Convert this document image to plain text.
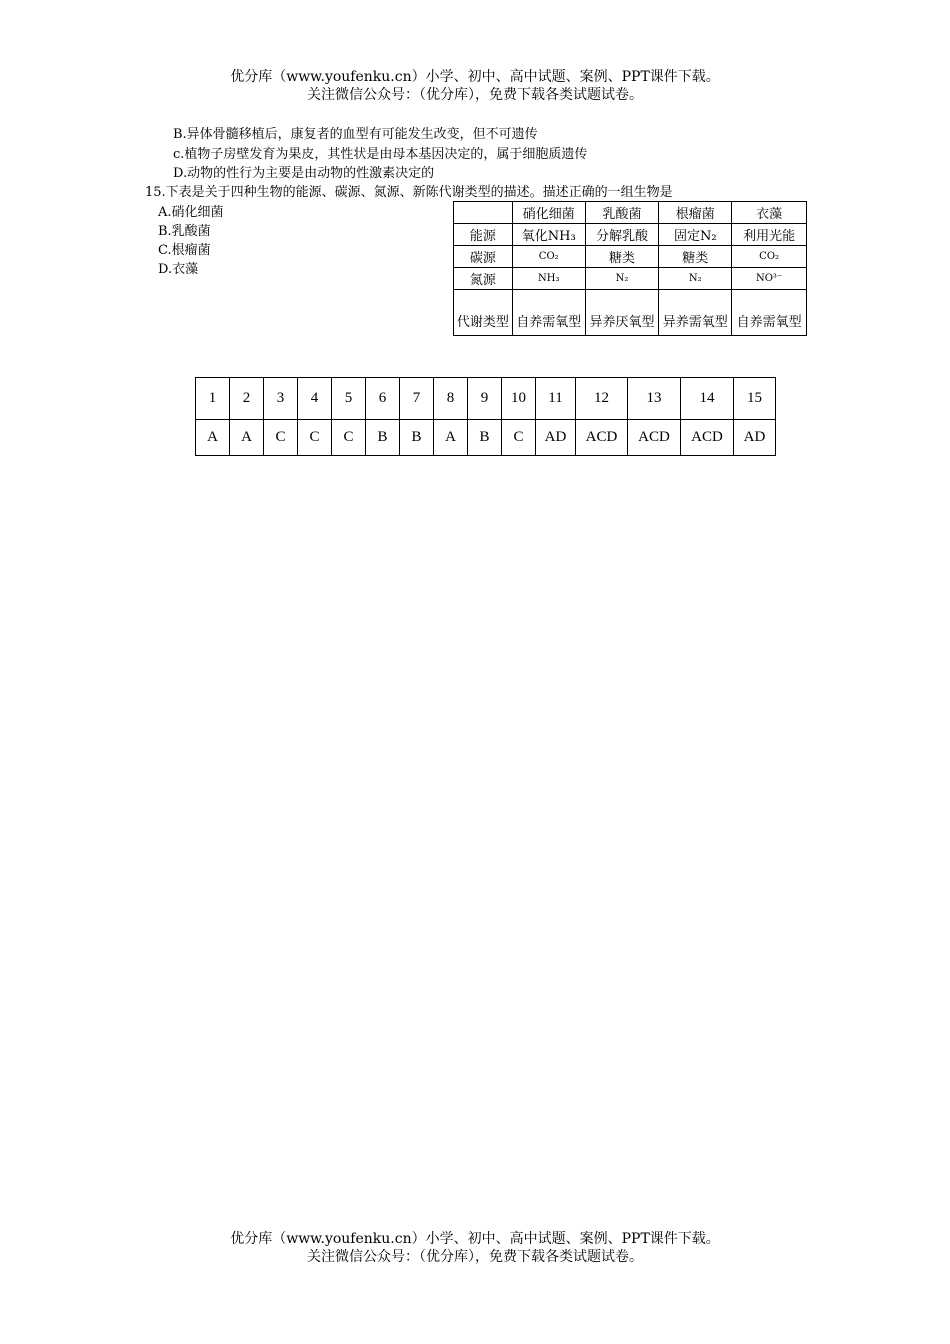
优分库（www.youfenku.cn）小学、初中、高中试题、案例、PPT课件下载。
关注微信公众号：（优分库），免费下载各类试题试卷。
B.异体骨髓移植后，康复者的血型有可能发生改变，但不可遗传
c.植物子房壁发育为果皮，其性状是由母本基因决定的，属于细胞质遗传
D.动物的性行为主要是由动物的性激素决定的
15.下表是关于四种生物的能源、碳源、氮源、新陈代谢类型的描述。描述正确的一组生物是
A.硝化细菌
B.乳酸菌
C.根瘤菌
D.衣藻
	硝化细菌	乳酸菌	根瘤菌	衣藻
能源	氧化NH₃	分解乳酸	固定N₂	利用光能
碳源	CO₂	糖类	糖类	CO₂
氮源	NH₃	N₂	N₂	NO³⁻
代谢类型	自养需氧型	异养厌氧型	异养需氧型	自养需氧型
1	2	3	4	5	6	7	8	9	10	11	12	13	14	15
A	A	C	C	C	B	B	A	B	C	AD	ACD	ACD	ACD	AD
优分库（www.youfenku.cn）小学、初中、高中试题、案例、PPT课件下载。
关注微信公众号：（优分库），免费下载各类试题试卷。
